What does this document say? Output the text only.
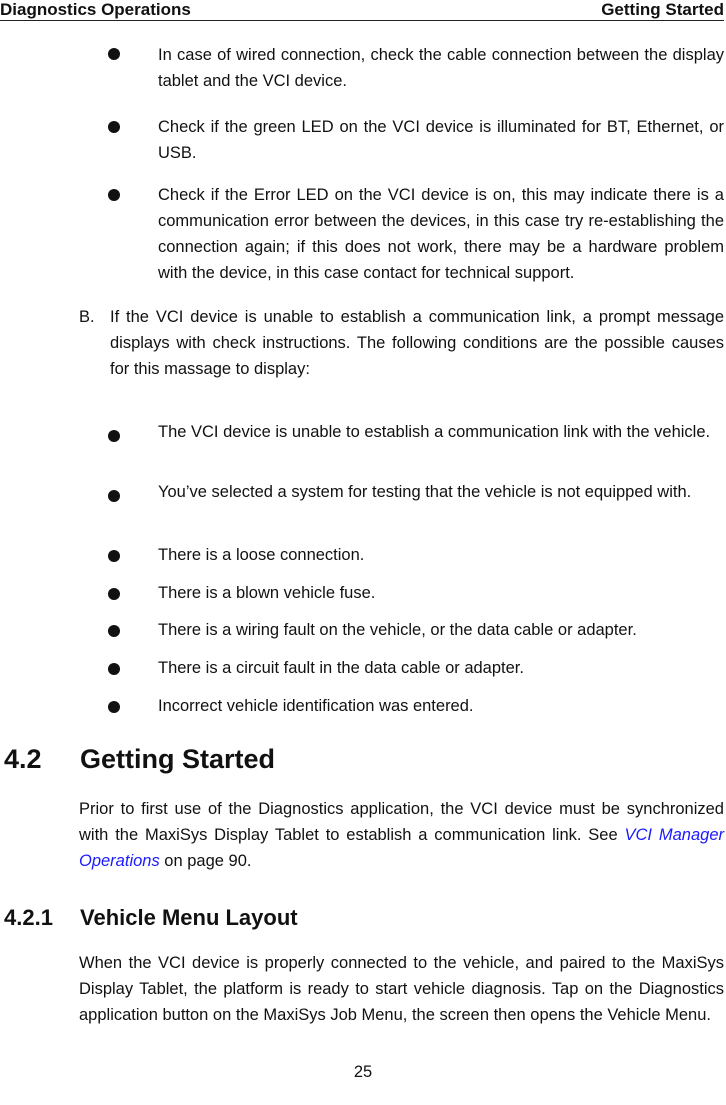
Diagnostics Operations	Getting Started
In case of wired connection, check the cable connection between the display tablet and the VCI device.
Check if the green LED on the VCI device is illuminated for BT, Ethernet, or USB.
Check if the Error LED on the VCI device is on, this may indicate there is a communication error between the devices, in this case try re-establishing the connection again; if this does not work, there may be a hardware problem with the device, in this case contact for technical support.
B. If the VCI device is unable to establish a communication link, a prompt message displays with check instructions. The following conditions are the possible causes for this massage to display:
The VCI device is unable to establish a communication link with the vehicle.
You’ve selected a system for testing that the vehicle is not equipped with.
There is a loose connection.
There is a blown vehicle fuse.
There is a wiring fault on the vehicle, or the data cable or adapter.
There is a circuit fault in the data cable or adapter.
Incorrect vehicle identification was entered.
4.2 Getting Started
Prior to first use of the Diagnostics application, the VCI device must be synchronized with the MaxiSys Display Tablet to establish a communication link. See VCI Manager Operations on page 90.
4.2.1 Vehicle Menu Layout
When the VCI device is properly connected to the vehicle, and paired to the MaxiSys Display Tablet, the platform is ready to start vehicle diagnosis. Tap on the Diagnostics application button on the MaxiSys Job Menu, the screen then opens the Vehicle Menu.
25
